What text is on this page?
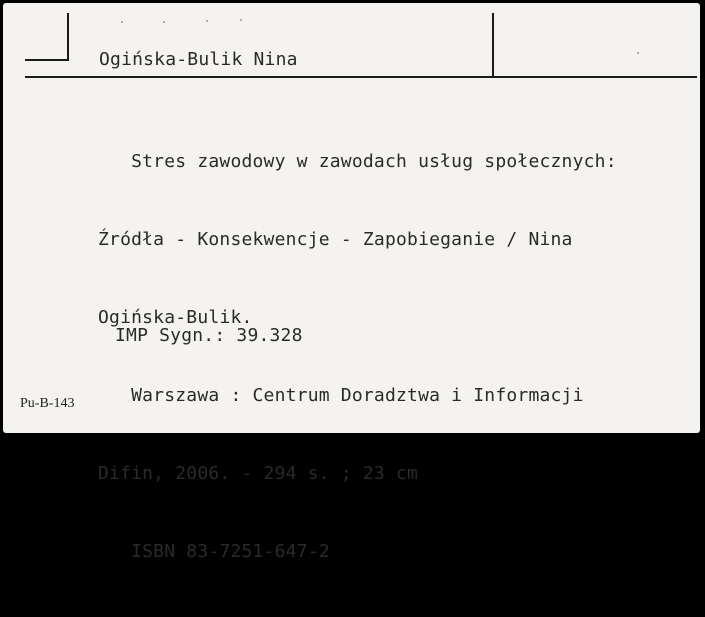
Ogińska-Bulik Nina

Stres zawodowy w zawodach usług społecznych:

Źródła - Konsekwencje - Zapobieganie / Nina

Ogińska-Bulik.

Warszawa : Centrum Doradztwa i Informacji

Difin, 2006. - 294 s. ; 23 cm

ISBN 83-7251-647-2

IMP Sygn.: 39.328
Pu-B-143
